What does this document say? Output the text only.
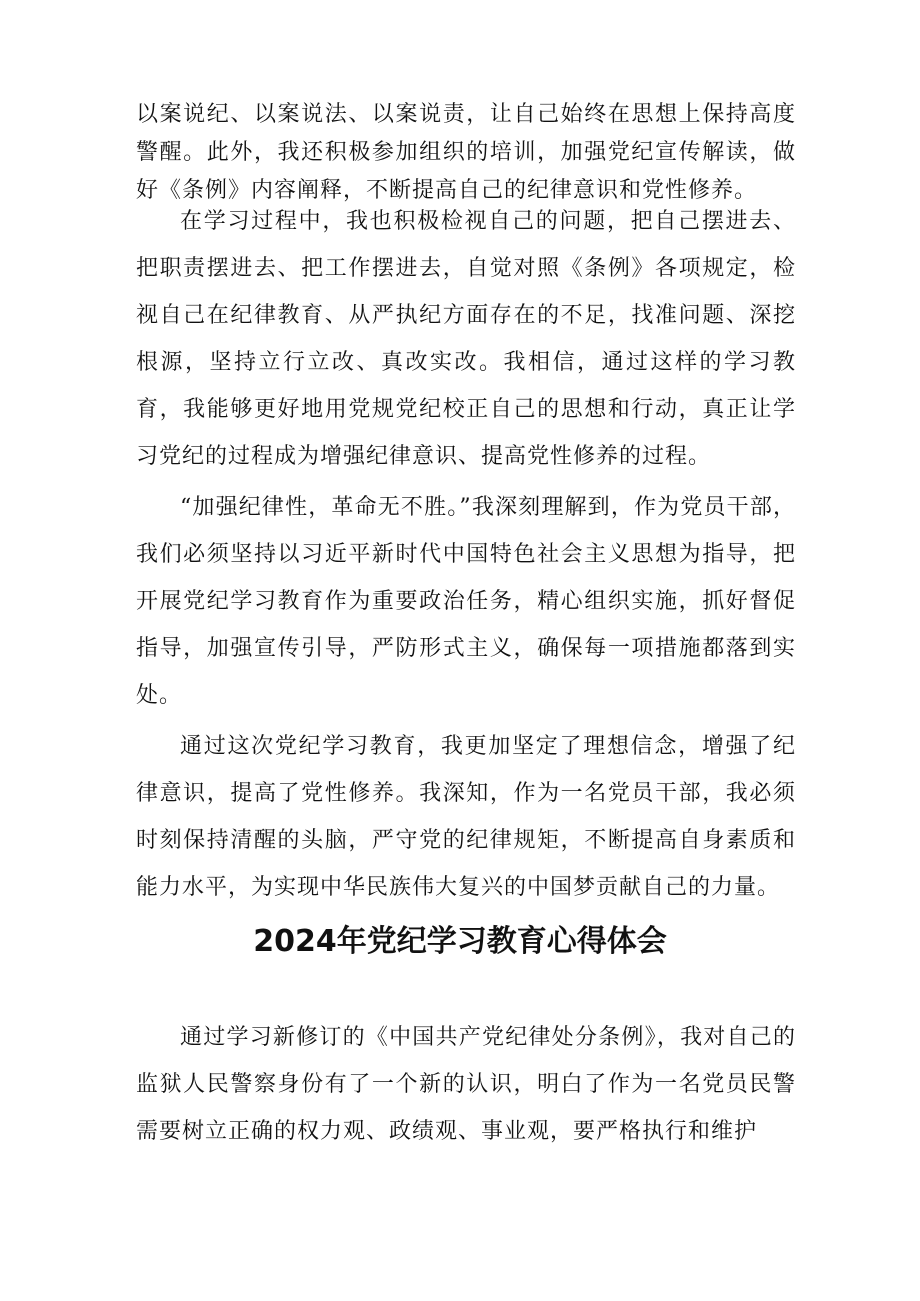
以案说纪、以案说法、以案说责，让自己始终在思想上保持高度警醒。此外，我还积极参加组织的培训，加强党纪宣传解读，做好《条例》内容阐释，不断提高自己的纪律意识和党性修养。

在学习过程中，我也积极检视自己的问题，把自己摆进去、把职责摆进去、把工作摆进去，自觉对照《条例》各项规定，检视自己在纪律教育、从严执纪方面存在的不足，找准问题、深挖根源，坚持立行立改、真改实改。我相信，通过这样的学习教育，我能够更好地用党规党纪校正自己的思想和行动，真正让学习党纪的过程成为增强纪律意识、提高党性修养的过程。

“加强纪律性，革命无不胜。”我深刻理解到，作为党员干部，我们必须坚持以习近平新时代中国特色社会主义思想为指导，把开展党纪学习教育作为重要政治任务，精心组织实施，抓好督促指导，加强宣传引导，严防形式主义，确保每一项措施都落到实处。

通过这次党纪学习教育，我更加坚定了理想信念，增强了纪律意识，提高了党性修养。我深知，作为一名党员干部，我必须时刻保持清醒的头脑，严守党的纪律规矩，不断提高自身素质和能力水平，为实现中华民族伟大复兴的中国梦贡献自己的力量。

2024年党纪学习教育心得体会

通过学习新修订的《中国共产党纪律处分条例》，我对自己的监狱人民警察身份有了一个新的认识，明白了作为一名党员民警需要树立正确的权力观、政绩观、事业观，要严格执行和维护
